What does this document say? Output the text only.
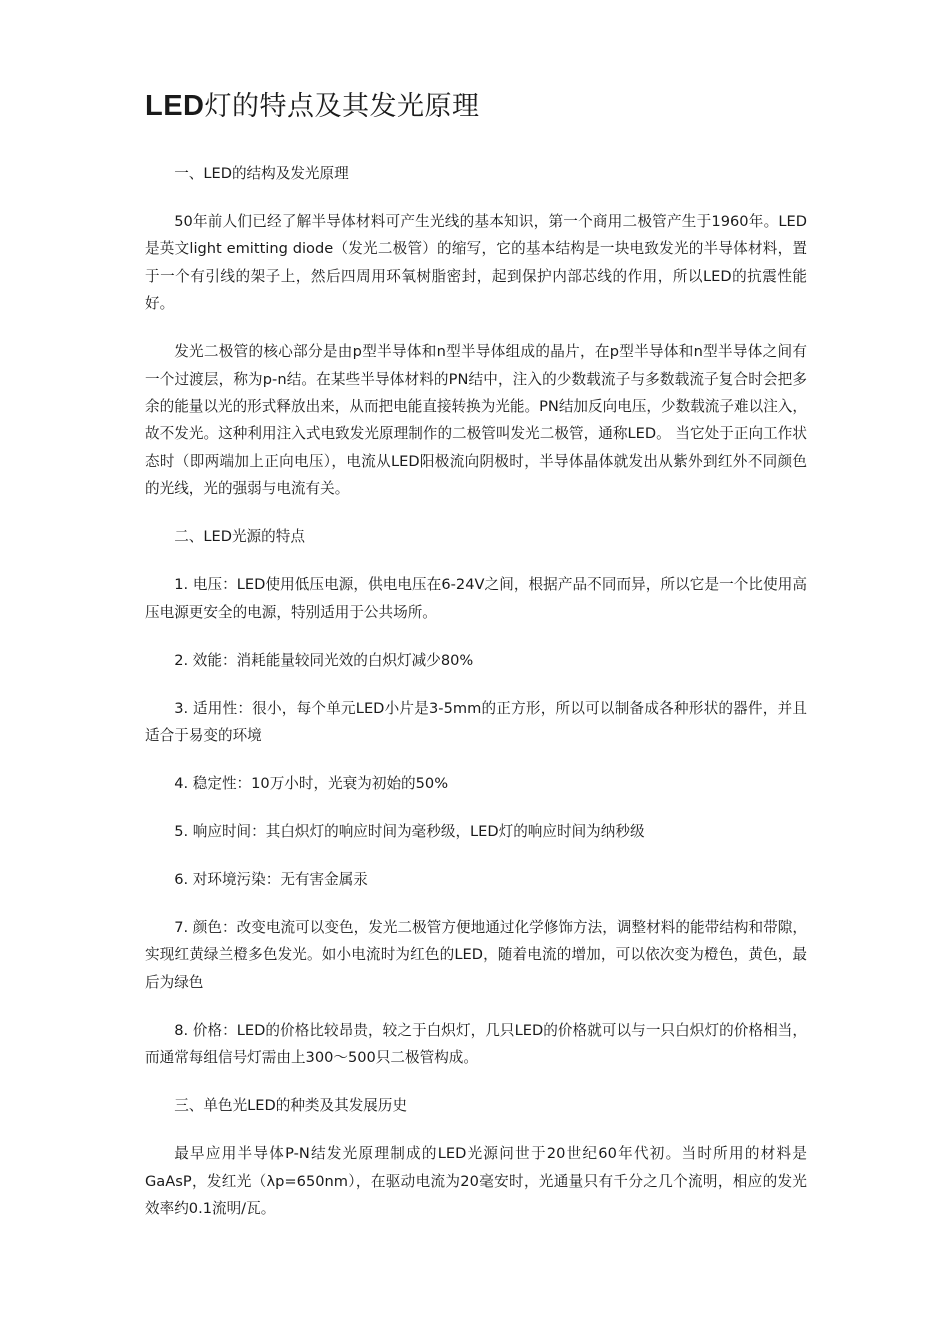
LED灯的特点及其发光原理

一、LED的结构及发光原理

50年前人们已经了解半导体材料可产生光线的基本知识，第一个商用二极管产生于1960年。LED是英文light emitting diode（发光二极管）的缩写，它的基本结构是一块电致发光的半导体材料，置于一个有引线的架子上，然后四周用环氧树脂密封，起到保护内部芯线的作用，所以LED的抗震性能好。

发光二极管的核心部分是由p型半导体和n型半导体组成的晶片，在p型半导体和n型半导体之间有一个过渡层，称为p-n结。在某些半导体材料的PN结中，注入的少数载流子与多数载流子复合时会把多余的能量以光的形式释放出来，从而把电能直接转换为光能。PN结加反向电压，少数载流子难以注入，故不发光。这种利用注入式电致发光原理制作的二极管叫发光二极管，通称LED。 当它处于正向工作状态时（即两端加上正向电压），电流从LED阳极流向阴极时，半导体晶体就发出从紫外到红外不同颜色的光线，光的强弱与电流有关。

二、LED光源的特点

1. 电压：LED使用低压电源，供电电压在6-24V之间，根据产品不同而异，所以它是一个比使用高压电源更安全的电源，特别适用于公共场所。

2. 效能：消耗能量较同光效的白炽灯减少80%

3. 适用性：很小，每个单元LED小片是3-5mm的正方形，所以可以制备成各种形状的器件，并且适合于易变的环境

4. 稳定性：10万小时，光衰为初始的50%

5. 响应时间：其白炽灯的响应时间为毫秒级，LED灯的响应时间为纳秒级

6. 对环境污染：无有害金属汞

7. 颜色：改变电流可以变色，发光二极管方便地通过化学修饰方法，调整材料的能带结构和带隙，实现红黄绿兰橙多色发光。如小电流时为红色的LED，随着电流的增加，可以依次变为橙色，黄色，最后为绿色

8. 价格：LED的价格比较昂贵，较之于白炽灯，几只LED的价格就可以与一只白炽灯的价格相当，而通常每组信号灯需由上300～500只二极管构成。

三、单色光LED的种类及其发展历史

最早应用半导体P-N结发光原理制成的LED光源问世于20世纪60年代初。当时所用的材料是GaAsP，发红光（λp=650nm），在驱动电流为20毫安时，光通量只有千分之几个流明，相应的发光效率约0.1流明/瓦。
